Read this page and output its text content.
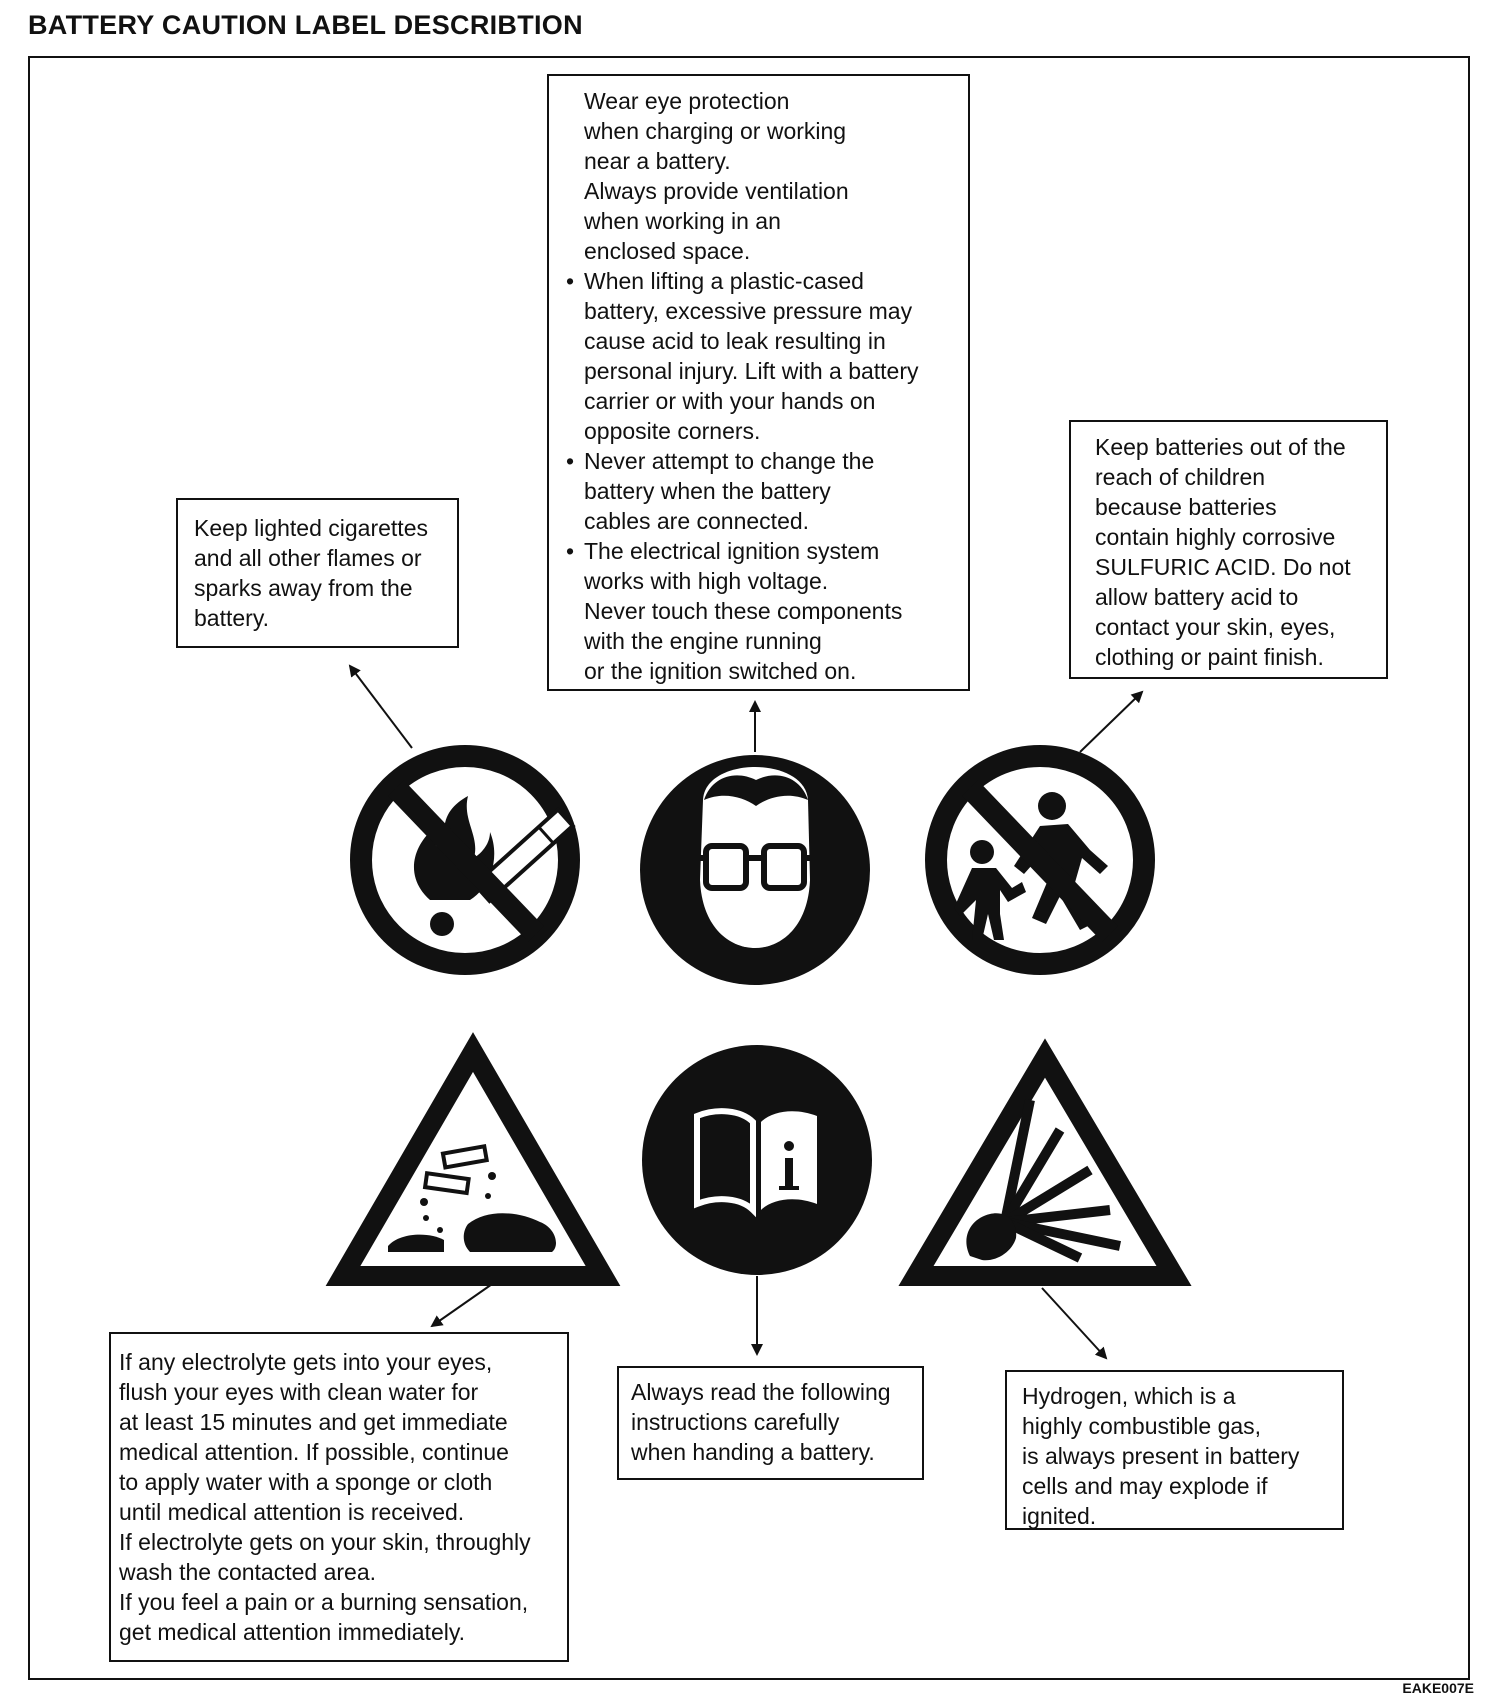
BATTERY CAUTION LABEL DESCRIBTION
Wear eye protection
when charging or working
near a battery.
Always provide ventilation
when working in an
enclosed space.
• When lifting a plastic-cased
battery, excessive pressure may
cause acid to leak resulting in
personal injury. Lift with a battery
carrier or with your hands on
opposite corners.
• Never attempt to change the
battery when the battery
cables are connected.
• The electrical ignition system
works with high voltage.
Never touch these components
with the engine running
or the ignition switched on.
Keep lighted cigarettes
and all other flames or
sparks away from the
battery.
Keep batteries out of the
reach of children
because batteries
contain highly corrosive
SULFURIC ACID. Do not
allow battery acid to
contact your skin, eyes,
clothing or paint finish.
If any electrolyte gets into your eyes,
flush your eyes with clean water for
at least 15 minutes and get immediate
medical attention. If possible, continue
to apply water with a sponge or cloth
until medical attention is received.
If electrolyte gets on your skin, throughly
wash the contacted area.
If you feel a pain or a burning sensation,
get medical attention immediately.
Always read the following
instructions carefully
when handing a battery.
Hydrogen, which is a
highly combustible gas,
is always present in battery
cells and may explode if
ignited.
EAKE007E
